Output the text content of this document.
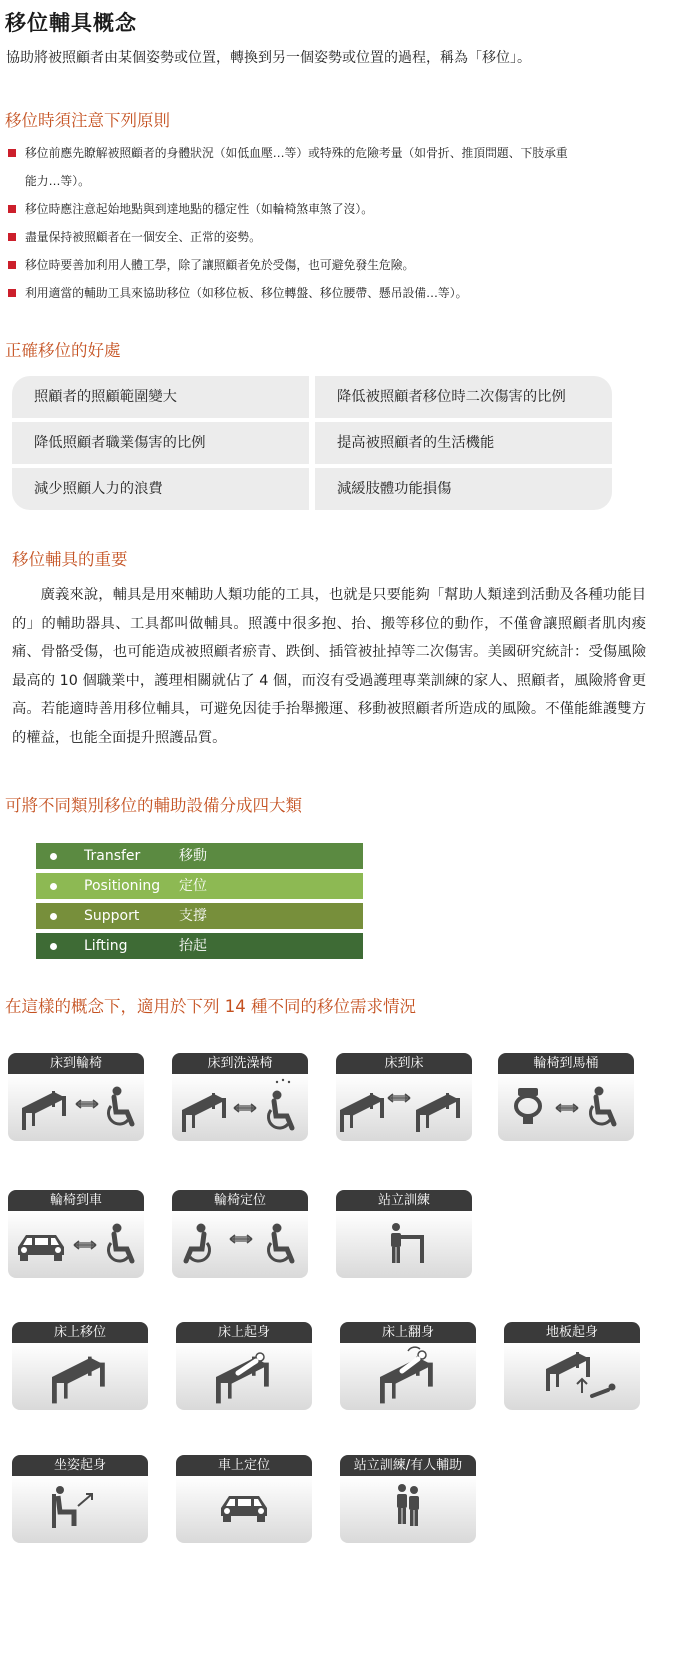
移位輔具概念
協助將被照顧者由某個姿勢或位置，轉換到另一個姿勢或位置的過程，稱為「移位」。
移位時須注意下列原則
移位前應先瞭解被照顧者的身體狀況（如低血壓…等）或特殊的危險考量（如骨折、推頂問題、下肢承重
能力…等）。
移位時應注意起始地點與到達地點的穩定性（如輪椅煞車煞了沒）。
盡量保持被照顧者在一個安全、正常的姿勢。
移位時要善加利用人體工學，除了讓照顧者免於受傷，也可避免發生危險。
利用適當的輔助工具來協助移位（如移位板、移位轉盤、移位腰帶、懸吊設備…等）。
正確移位的好處
照顧者的照顧範圍變大	降低被照顧者移位時二次傷害的比例
降低照顧者職業傷害的比例	提高被照顧者的生活機能
減少照顧人力的浪費	減緩肢體功能損傷
移位輔具的重要
廣義來說，輔具是用來輔助人類功能的工具，也就是只要能夠「幫助人類達到活動及各種功能目的」的輔助器具、工具都叫做輔具。照護中很多抱、抬、搬等移位的動作，不僅會讓照顧者肌肉痠痛、骨骼受傷，也可能造成被照顧者瘀青、跌倒、插管被扯掉等二次傷害。美國研究統計：受傷風險最高的 10 個職業中，護理相關就佔了 4 個，而沒有受過護理專業訓練的家人、照顧者，風險將會更高。若能適時善用移位輔具，可避免因徒手抬舉搬運、移動被照顧者所造成的風險。不僅能維護雙方的權益，也能全面提升照護品質。
可將不同類別移位的輔助設備分成四大類
Transfer	移動
Positioning 定位
Support	支撐
Lifting	抬起
在這樣的概念下，適用於下列 14 種不同的移位需求情況
床到輪椅	床到洗澡椅	床到床	輪椅到馬桶
輪椅到車	輪椅定位	站立訓練
床上移位	床上起身	床上翻身	地板起身
坐姿起身	車上定位	站立訓練/有人輔助
